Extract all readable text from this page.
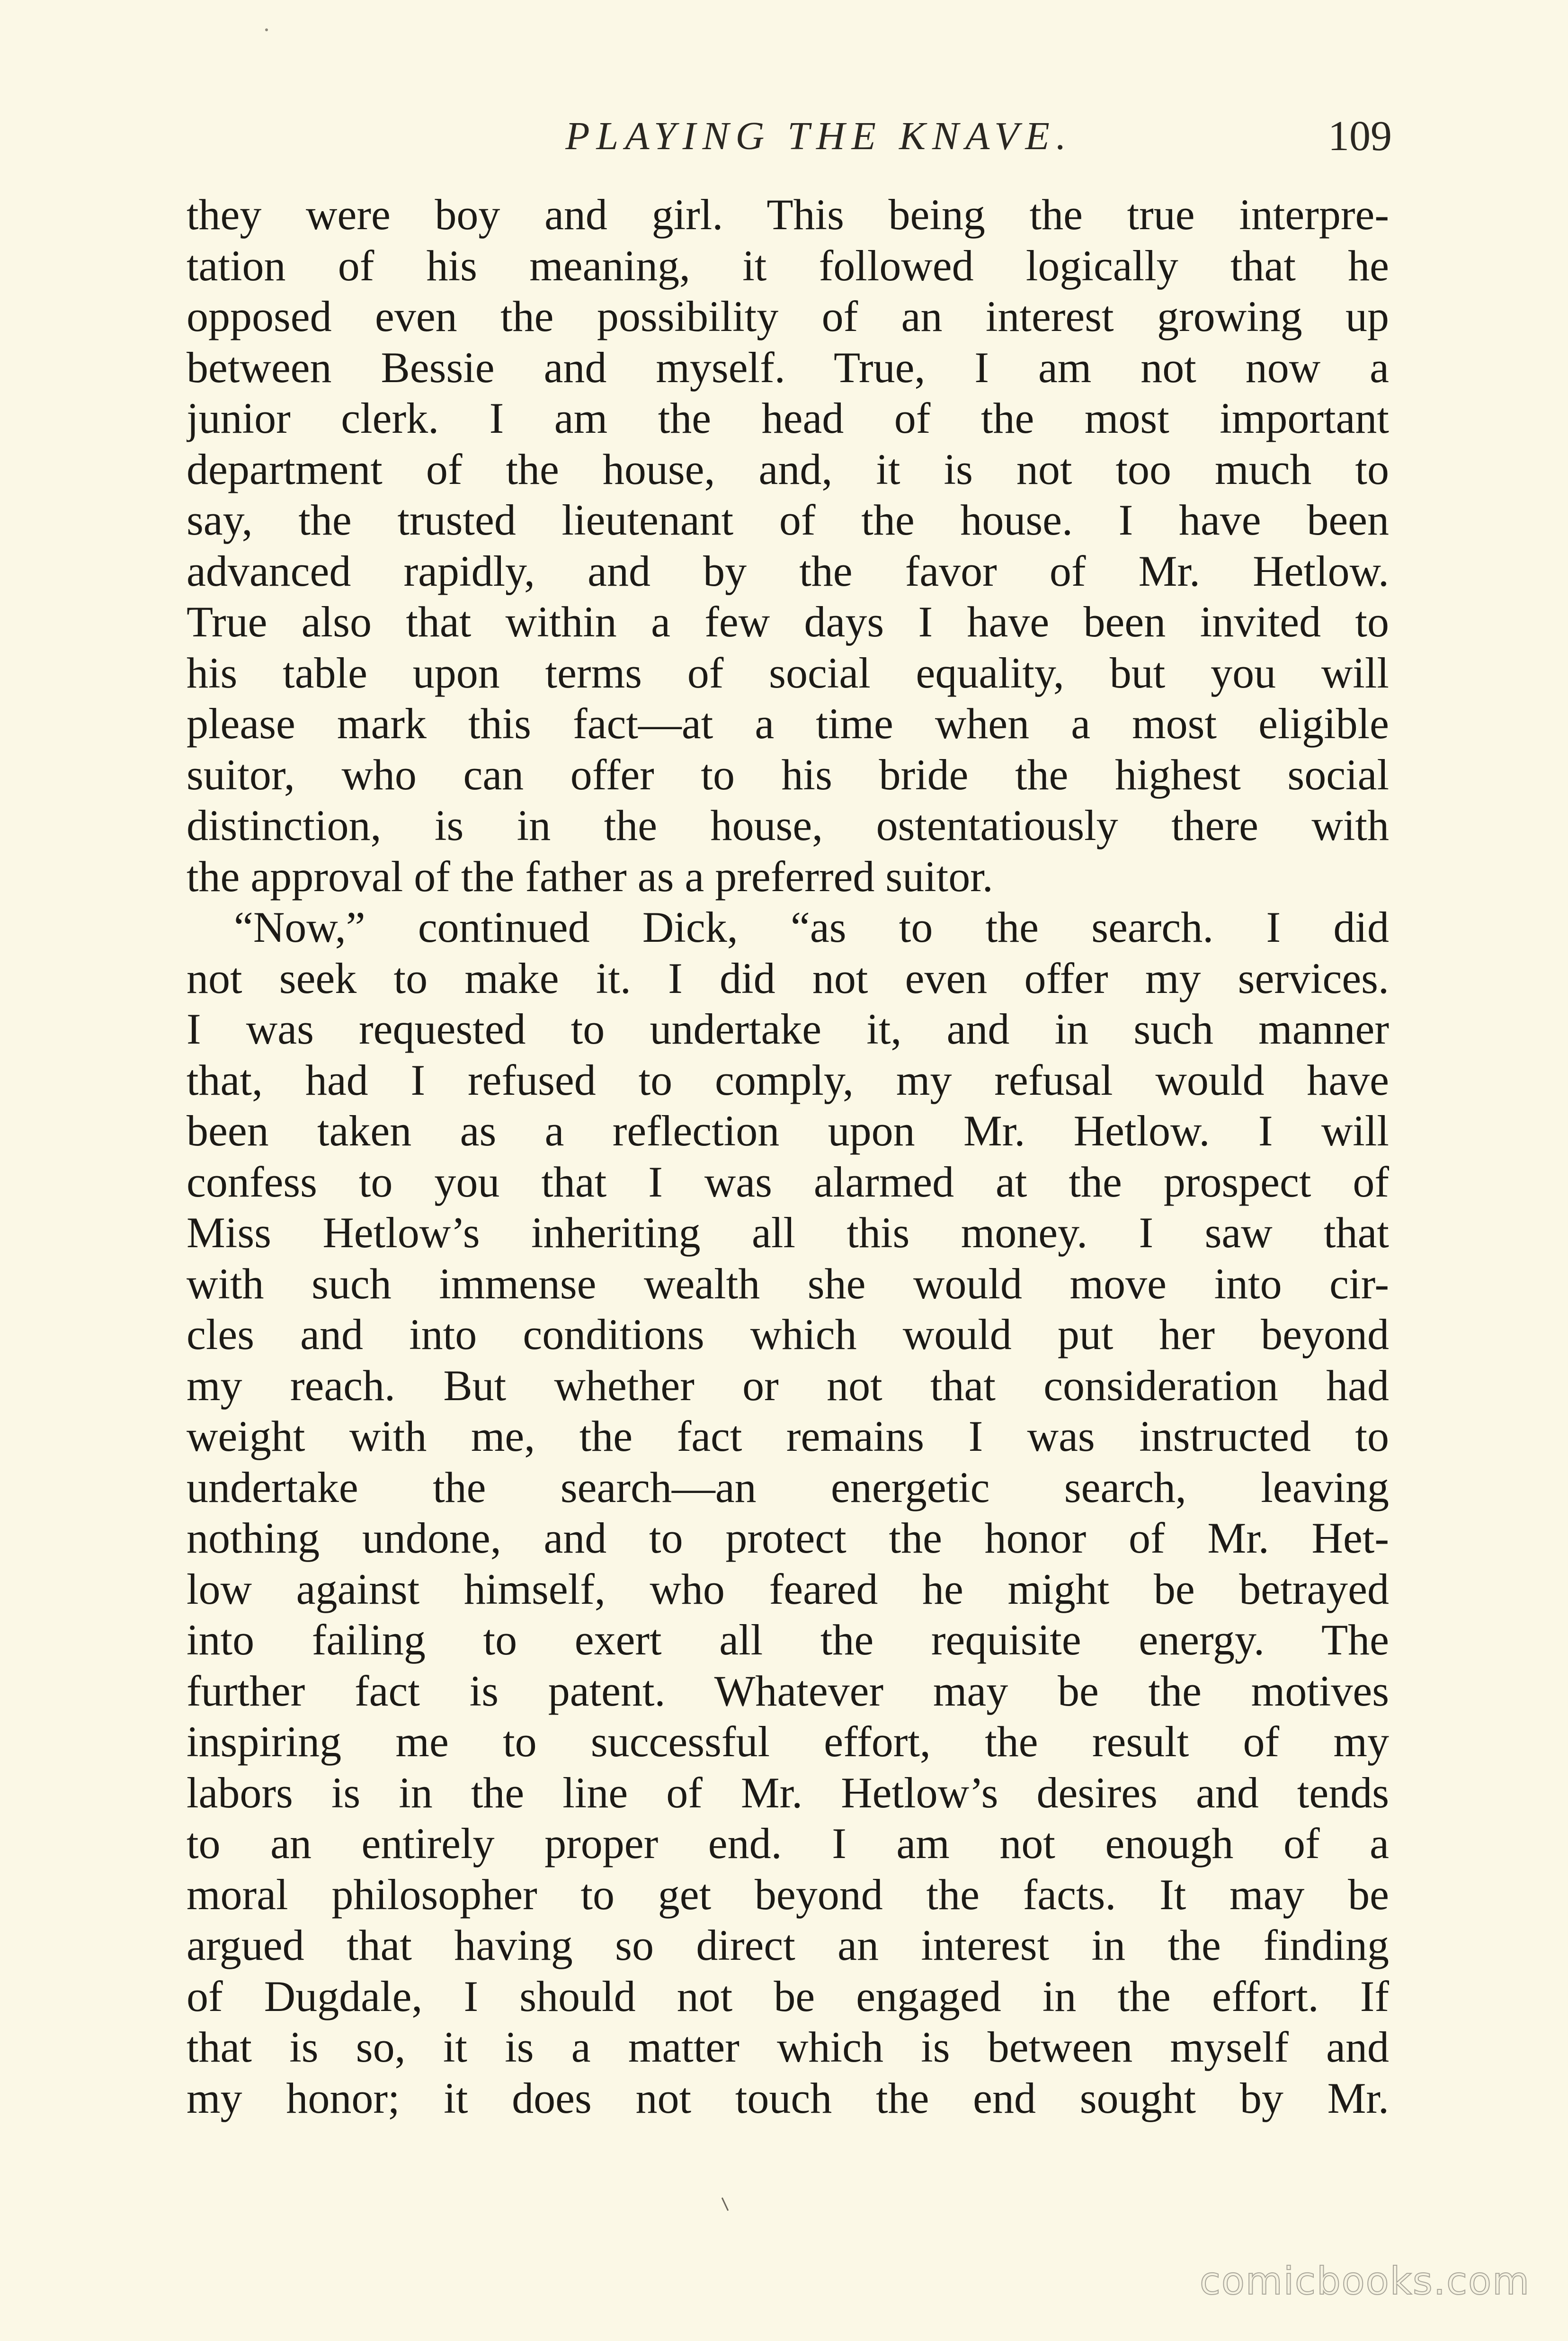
PLAYING THE KNAVE.	109
they were boy and girl. This being the true interpre-
tation of his meaning, it followed logically that he
opposed even the possibility of an interest growing up
between Bessie and myself. True, I am not now a
junior clerk. I am the head of the most important
department of the house, and, it is not too much to
say, the trusted lieutenant of the house. I have been
advanced rapidly, and by the favor of Mr. Hetlow.
True also that within a few days I have been invited to
his table upon terms of social equality, but you will
please mark this fact—at a time when a most eligible
suitor, who can offer to his bride the highest social
distinction, is in the house, ostentatiously there with
the approval of the father as a preferred suitor.
“Now,” continued Dick, “as to the search. I did
not seek to make it. I did not even offer my services.
I was requested to undertake it, and in such manner
that, had I refused to comply, my refusal would have
been taken as a reflection upon Mr. Hetlow. I will
confess to you that I was alarmed at the prospect of
Miss Hetlow’s inheriting all this money. I saw that
with such immense wealth she would move into cir-
cles and into conditions which would put her beyond
my reach. But whether or not that consideration had
weight with me, the fact remains I was instructed to
undertake the search—an energetic search, leaving
nothing undone, and to protect the honor of Mr. Het-
low against himself, who feared he might be betrayed
into failing to exert all the requisite energy. The
further fact is patent. Whatever may be the motives
inspiring me to successful effort, the result of my
labors is in the line of Mr. Hetlow’s desires and tends
to an entirely proper end. I am not enough of a
moral philosopher to get beyond the facts. It may be
argued that having so direct an interest in the finding
of Dugdale, I should not be engaged in the effort. If
that is so, it is a matter which is between myself and
my honor; it does not touch the end sought by Mr.
comicbooks.com
